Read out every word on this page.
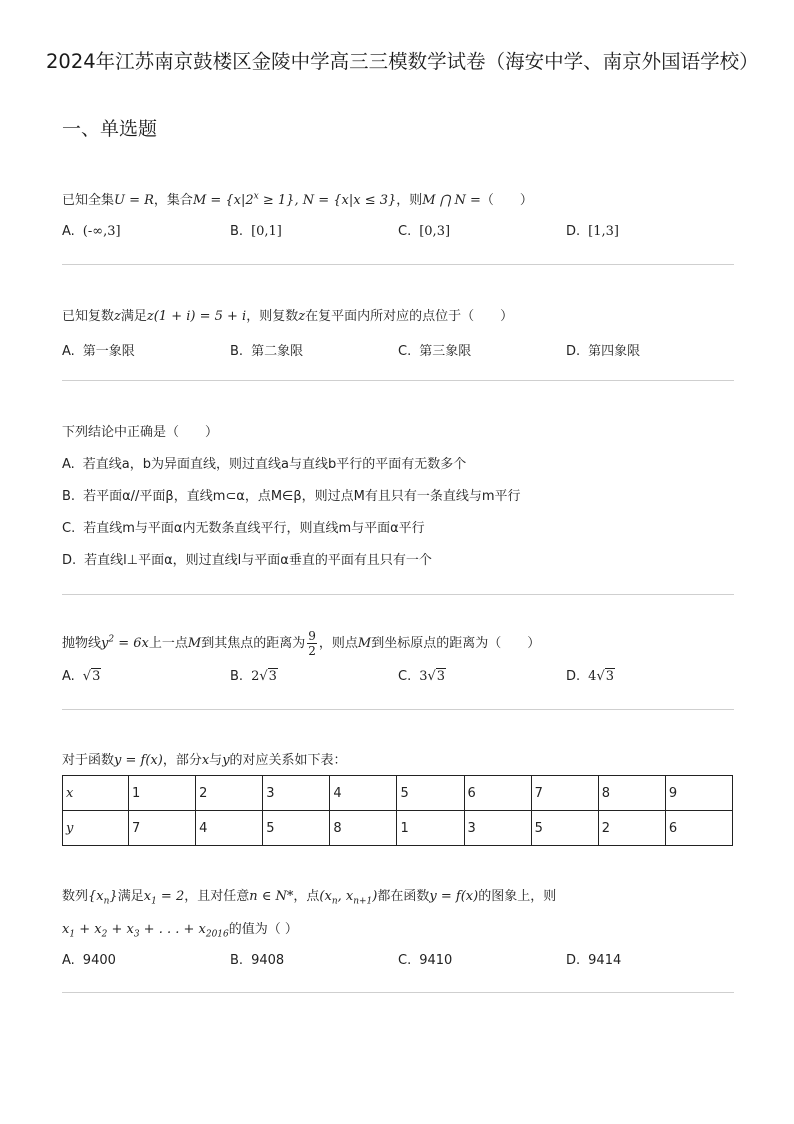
2024年江苏南京鼓楼区金陵中学高三三模数学试卷（海安中学、南京外国语学校）
一、单选题
已知全集U = R，集合$M = \{x|2^x \ge 1\}$, N = {x|x ≤ 3}，则M ⋂ N =（　　）
A. (-∞,3]	B. [0,1]	C. [0,3]	D. [1,3]
已知复数z满足z(1 + i) = 5 + i，则复数z在复平面内所对应的点位于（　　）
A. 第一象限	B. 第二象限	C. 第三象限	D. 第四象限
下列结论中正确是（　　）
A. 若直线a，b为异面直线，则过直线a与直线b平行的平面有无数多个
B. 若平面α//平面β，直线m⊂α，点M∈β，则过点M有且只有一条直线与m平行
C. 若直线m与平面α内无数条直线平行，则直线m与平面α平行
D. 若直线l⊥平面α，则过直线l与平面α垂直的平面有且只有一个
抛物线$y^2 = 6x$上一点M到其焦点的距离为 $\frac{9}{2}$ ，则点M到坐标原点的距离为（　　）
A. √3	B. 2√3	C. 3√3	D. 4√3
对于函数y = f(x)，部分x与y的对应关系如下表：
x	1	2	3	4	5	6	7	8	9
y	7	4	5	8	1	3	5	2	6
数列$\{x_n\}$满足$x_1 = 2$，且对任意n ∈ N*，点($x_n$, $x_{n+1}$)都在函数y = f(x)的图象上，则
$x_1 + x_2 + x_3$ + . . . + $x_{2016}$的值为（ ）
A. 9400	B. 9408	C. 9410	D. 9414
